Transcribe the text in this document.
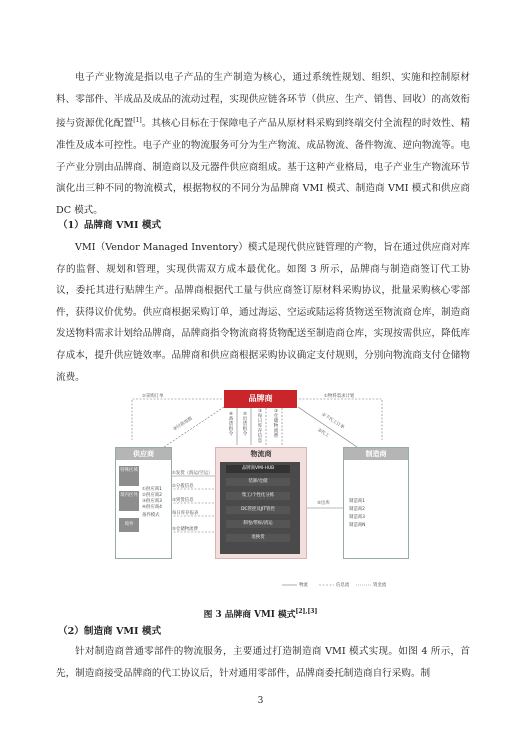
电子产业物流是指以电子产品的生产制造为核心，通过系统性规划、组织、实施和控制原材料、零部件、半成品及成品的流动过程，实现供应链各环节（供应、生产、销售、回收）的高效衔接与资源优化配置[1]。其核心目标在于保障电子产品从原材料采购到终端交付全流程的时效性、精准性及成本可控性。电子产业的物流服务可分为生产物流、成品物流、备件物流、逆向物流等。电子产业分别由品牌商、制造商以及元器件供应商组成。基于这种产业格局，电子产业生产物流环节演化出三种不同的物流模式，根据物权的不同分为品牌商 VMI 模式、制造商 VMI 模式和供应商 DC 模式。

（1）品牌商 VMI 模式

VMI（Vendor Managed Inventory）模式是现代供应链管理的产物，旨在通过供应商对库存的监督、规划和管理，实现供需双方成本最优化。如图 3 所示，品牌商与制造商签订代工协议，委托其进行贴牌生产。品牌商根据代工量与供应商签订原材料采购协议，批量采购核心零部件，获得议价优势。供应商根据采购订单，通过海运、空运或陆运将货物送至物流商仓库，制造商发送物料需求计划给品牌商，品牌商指令物流商将货物配送至制造商仓库，实现按需供应，降低库存成本，提升供应链效率。品牌商和供应商根据采购协议确定支付规则，分别向物流商支付仓储物流费。

品牌商
②采购订单	①物料需求计划
③付款周期	①下代工订单
②代工
④备货指令
⑤出货指令
③每日库存信息
③仓储物流费
供应商
特殊区域
境内区外
境外
①供应商1
②供应商2
③供应商3
④供应商4
备件模式
①发货（海运/空运）
②分拨信息
③到货信息
每日库存报表
⑤仓储物流费
物流商
品牌商VMI-HUB
装卸/仓储
集工/个性化分拣
DC管控及JIT管控
制卷/带标/清运
退换货
⑤出库
制造商
制造商1
制造商2
制造商3
制造商N
物流	信息流	资金流
图 3 品牌商 VMI 模式[2],[3]

（2）制造商 VMI 模式

针对制造商普通零部件的物流服务，主要通过打造制造商 VMI 模式实现。如图 4 所示，首先，制造商接受品牌商的代工协议后，针对通用零部件，品牌商委托制造商自行采购。制

3
